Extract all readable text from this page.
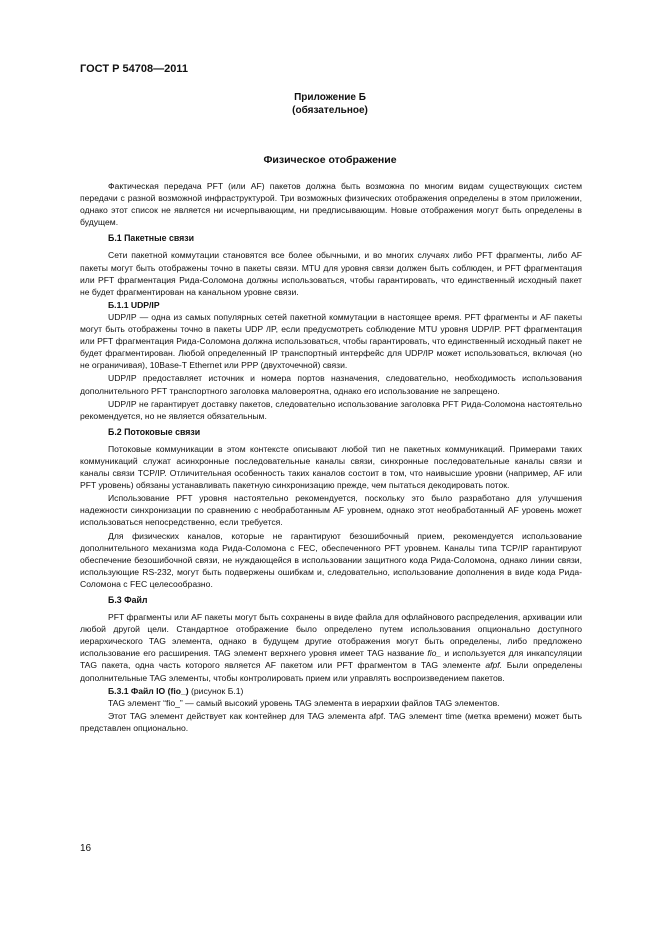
ГОСТ Р 54708—2011
Приложение Б
(обязательное)
Физическое отображение

Фактическая передача PFT (или AF) пакетов должна быть возможна по многим видам существующих систем передачи с разной возможной инфраструктурой. Три возможных физических отображения определены в этом приложении, однако этот список не является ни исчерпывающим, ни предписывающим. Новые отображения могут быть определены в будущем.

Б.1 Пакетные связи

Сети пакетной коммутации становятся все более обычными, и во многих случаях либо PFT фрагменты, либо AF пакеты могут быть отображены точно в пакеты связи. MTU для уровня связи должен быть соблюден, и PFT фрагментация или PFT фрагментация Рида-Соломона должны использоваться, чтобы гарантировать, что единственный исходный пакет не будет фрагментирован на канальном уровне связи.

Б.1.1 UDP/IP

UDP/IP — одна из самых популярных сетей пакетной коммутации в настоящее время. PFT фрагменты и AF пакеты могут быть отображены точно в пакеты UDP /IP, если предусмотреть соблюдение MTU уровня UDP/IP. PFT фрагментация или PFT фрагментация Рида-Соломона должна использоваться, чтобы гарантировать, что единственный исходный пакет не будет фрагментирован. Любой определенный IP транспортный интерфейс для UDP/IP может использоваться, включая (но не ограничивая), 10Base-T Ethernet или PPP (двухточечной) связи.

UDP/IP предоставляет источник и номера портов назначения, следовательно, необходимость использования дополнительного PFT транспортного заголовка маловероятна, однако его использование не запрещено.

UDP/IP не гарантирует доставку пакетов, следовательно использование заголовка PFT Рида-Соломона настоятельно рекомендуется, но не является обязательным.

Б.2 Потоковые связи

Потоковые коммуникации в этом контексте описывают любой тип не пакетных коммуникаций. Примерами таких коммуникаций служат асинхронные последовательные каналы связи, синхронные последовательные каналы связи и каналы связи TCP/IP. Отличительная особенность таких каналов состоит в том, что наивысшие уровни (например, AF или PFT уровень) обязаны устанавливать пакетную синхронизацию прежде, чем пытаться декодировать поток.

Использование PFT уровня настоятельно рекомендуется, поскольку это было разработано для улучшения надежности синхронизации по сравнению с необработанным AF уровнем, однако этот необработанный AF уровень может использоваться непосредственно, если требуется.

Для физических каналов, которые не гарантируют безошибочный прием, рекомендуется использование дополнительного механизма кода Рида-Соломона с FEC, обеспеченного PFT уровнем. Каналы типа TCP/IP гарантируют обеспечение безошибочной связи, не нуждающейся в использовании защитного кода Рида-Соломона, однако линии связи, использующие RS-232, могут быть подвержены ошибкам и, следовательно, использование дополнения в виде кода Рида-Соломона с FEC целесообразно.

Б.3 Файл

PFT фрагменты или AF пакеты могут быть сохранены в виде файла для офлайнового распределения, архивации или любой другой цели. Стандартное отображение было определено путем использования опционально доступного иерархического TAG элемента, однако в будущем другие отображения могут быть определены, либо предложено использование его расширения. TAG элемент верхнего уровня имеет TAG название fio_ и используется для инкапсуляции TAG пакета, одна часть которого является AF пакетом или PFT фрагментом в TAG элементе afpf. Были определены дополнительные TAG элементы, чтобы контролировать прием или управлять воспроизведением пакетов.

Б.3.1 Файл IO (fio_) (рисунок Б.1)

TAG элемент “fio_” — самый высокий уровень TAG элемента в иерархии файлов TAG элементов.

Этот TAG элемент действует как контейнер для TAG элемента afpf. TAG элемент time (метка времени) может быть представлен опционально.

16
